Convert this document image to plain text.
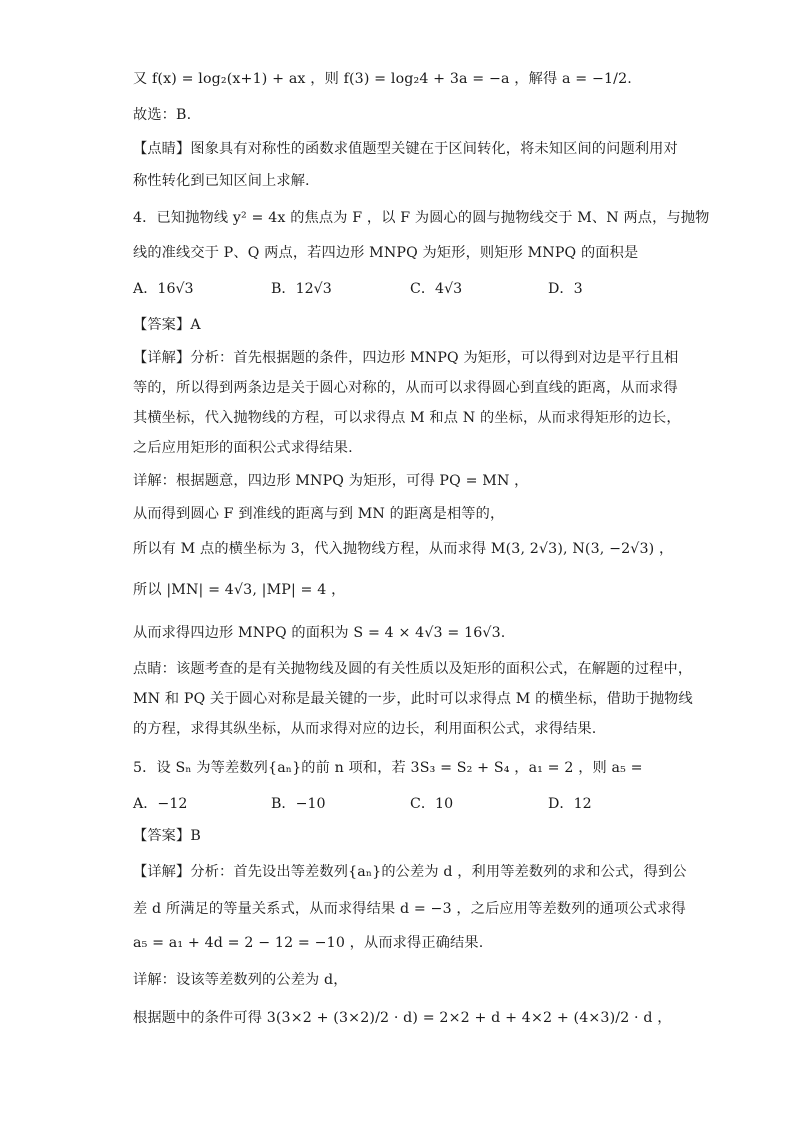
又 f(x) = log₂(x+1) + ax ，则 f(3) = log₂4 + 3a = −a ，解得 a = −1/2.
故选：B.
【点睛】图象具有对称性的函数求值题型关键在于区间转化，将未知区间的问题利用对
称性转化到已知区间上求解.
4．已知抛物线 y² = 4x 的焦点为 F ，以 F 为圆心的圆与抛物线交于 M、N 两点，与抛物
线的准线交于 P、Q 两点，若四边形 MNPQ 为矩形，则矩形 MNPQ 的面积是
A．16√3	B．12√3	C．4√3	D．3
【答案】A
【详解】分析：首先根据题的条件，四边形 MNPQ 为矩形，可以得到对边是平行且相
等的，所以得到两条边是关于圆心对称的，从而可以求得圆心到直线的距离，从而求得
其横坐标，代入抛物线的方程，可以求得点 M 和点 N 的坐标，从而求得矩形的边长，
之后应用矩形的面积公式求得结果.
详解：根据题意，四边形 MNPQ 为矩形，可得 PQ = MN ，
从而得到圆心 F 到准线的距离与到 MN 的距离是相等的，
所以有 M 点的横坐标为 3，代入抛物线方程，从而求得 M(3, 2√3), N(3, −2√3) ，
所以 |MN| = 4√3, |MP| = 4 ，
从而求得四边形 MNPQ 的面积为 S = 4 × 4√3 = 16√3.
点睛：该题考查的是有关抛物线及圆的有关性质以及矩形的面积公式，在解题的过程中，
MN 和 PQ 关于圆心对称是最关键的一步，此时可以求得点 M 的横坐标，借助于抛物线
的方程，求得其纵坐标，从而求得对应的边长，利用面积公式，求得结果.
5．设 Sₙ 为等差数列{aₙ}的前 n 项和，若 3S₃ = S₂ + S₄ ，a₁ = 2 ，则 a₅ =
A．−12	B．−10	C．10	D．12
【答案】B
【详解】分析：首先设出等差数列{aₙ}的公差为 d ，利用等差数列的求和公式，得到公
差 d 所满足的等量关系式，从而求得结果 d = −3 ，之后应用等差数列的通项公式求得
a₅ = a₁ + 4d = 2 − 12 = −10 ，从而求得正确结果.
详解：设该等差数列的公差为 d，
根据题中的条件可得 3(3×2 + (3×2)/2 · d) = 2×2 + d + 4×2 + (4×3)/2 · d ，
